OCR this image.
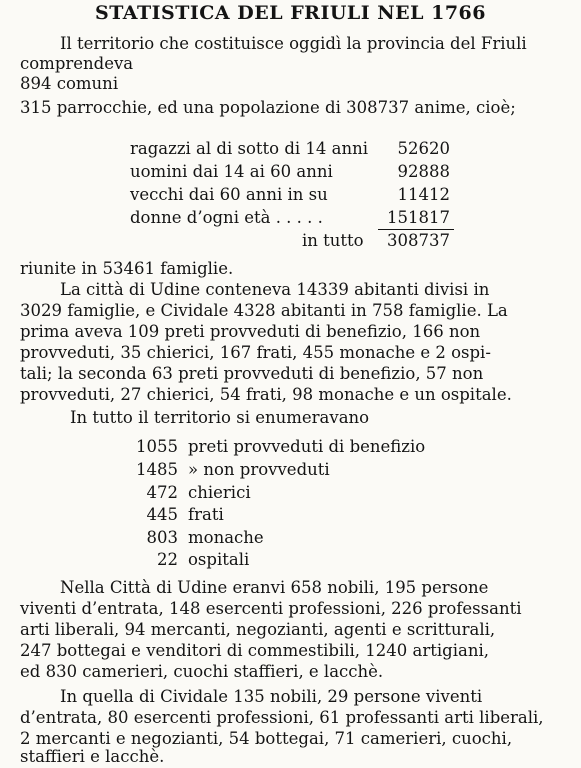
STATISTICA DEL FRIULI NEL 1766
Il territorio che costituisce oggidì la provincia del Friuli
comprendeva
894 comuni
315 parrocchie, ed una popolazione di 308737 anime, cioè;
ragazzi al di sotto di 14 anni	52620
uomini dai 14 ai 60 anni	92888
vecchi dai 60 anni in su	11412
donne d’ogni età . . . . .	151817
in tutto	308737
riunite in 53461 famiglie.
La città di Udine conteneva 14339 abitanti divisi in
3029 famiglie, e Cividale 4328 abitanti in 758 famiglie. La
prima aveva 109 preti provveduti di benefizio, 166 non
provveduti, 35 chierici, 167 frati, 455 monache e 2 ospi-
tali; la seconda 63 preti provveduti di benefizio, 57 non
provveduti, 27 chierici, 54 frati, 98 monache e un ospitale.
In tutto il territorio si enumeravano
1055 preti provveduti di benefizio
1485 » non provveduti
472 chierici
445 frati
803 monache
22 ospitali
Nella Città di Udine eranvi 658 nobili, 195 persone
viventi d’entrata, 148 esercenti professioni, 226 professanti
arti liberali, 94 mercanti, negozianti, agenti e scritturali,
247 bottegai e venditori di commestibili, 1240 artigiani,
ed 830 camerieri, cuochi staffieri, e lacchè.
In quella di Cividale 135 nobili, 29 persone viventi
d’entrata, 80 esercenti professioni, 61 professanti arti liberali,
2 mercanti e negozianti, 54 bottegai, 71 camerieri, cuochi,
staffieri e lacchè.
